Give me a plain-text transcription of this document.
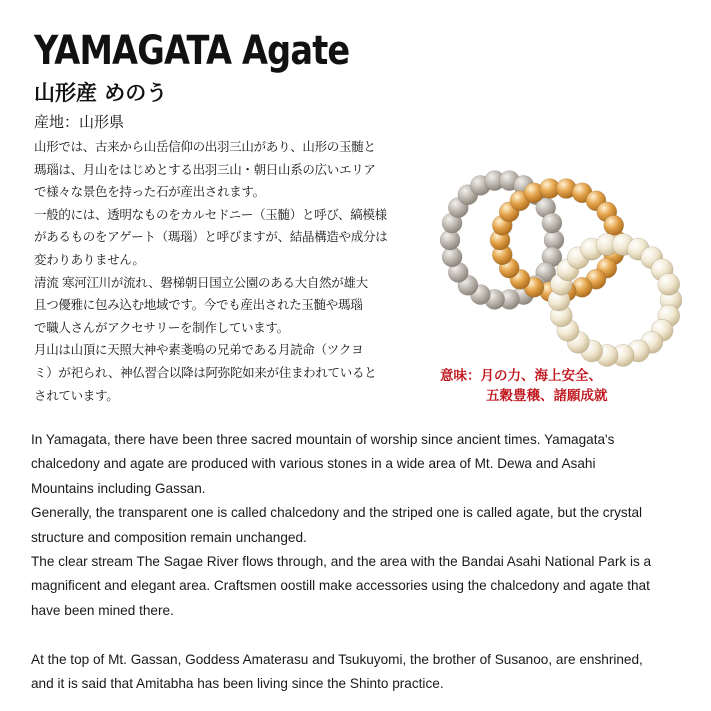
YAMAGATA Agate
山形産 めのう
産地：山形県
山形では、古来から山岳信仰の出羽三山があり、山形の玉髄と
瑪瑙は、月山をはじめとする出羽三山・朝日山系の広いエリア
で様々な景色を持った石が産出されます。
一般的には、透明なものをカルセドニー（玉髄）と呼び、縞模様
があるものをアゲート（瑪瑙）と呼びますが、結晶構造や成分は
変わりありません。
清流 寒河江川が流れ、磐梯朝日国立公園のある大自然が雄大
且つ優雅に包み込む地域です。今でも産出された玉髄や瑪瑙
で職人さんがアクセサリーを制作しています。
月山は山頂に天照大神や素戔嗚の兄弟である月読命（ツクヨ
ミ）が祀られ、神仏習合以降は阿弥陀如来が住まわれていると
されています。
意味：月の力、海上安全、
五穀豊穣、諸願成就
In Yamagata, there have been three sacred mountain of worship since ancient times. Yamagata's
chalcedony and agate are produced with various stones in a wide area of Mt. Dewa and Asahi
Mountains including Gassan.
Generally, the transparent one is called chalcedony and the striped one is called agate, but the crystal
structure and composition remain unchanged.
The clear stream The Sagae River flows through, and the area with the Bandai Asahi National Park is a
magnificent and elegant area. Craftsmen oostill make accessories using the chalcedony and agate that
have been mined there.
At the top of Mt. Gassan, Goddess Amaterasu and Tsukuyomi, the brother of Susanoo, are enshrined,
and it is said that Amitabha has been living since the Shinto practice.
